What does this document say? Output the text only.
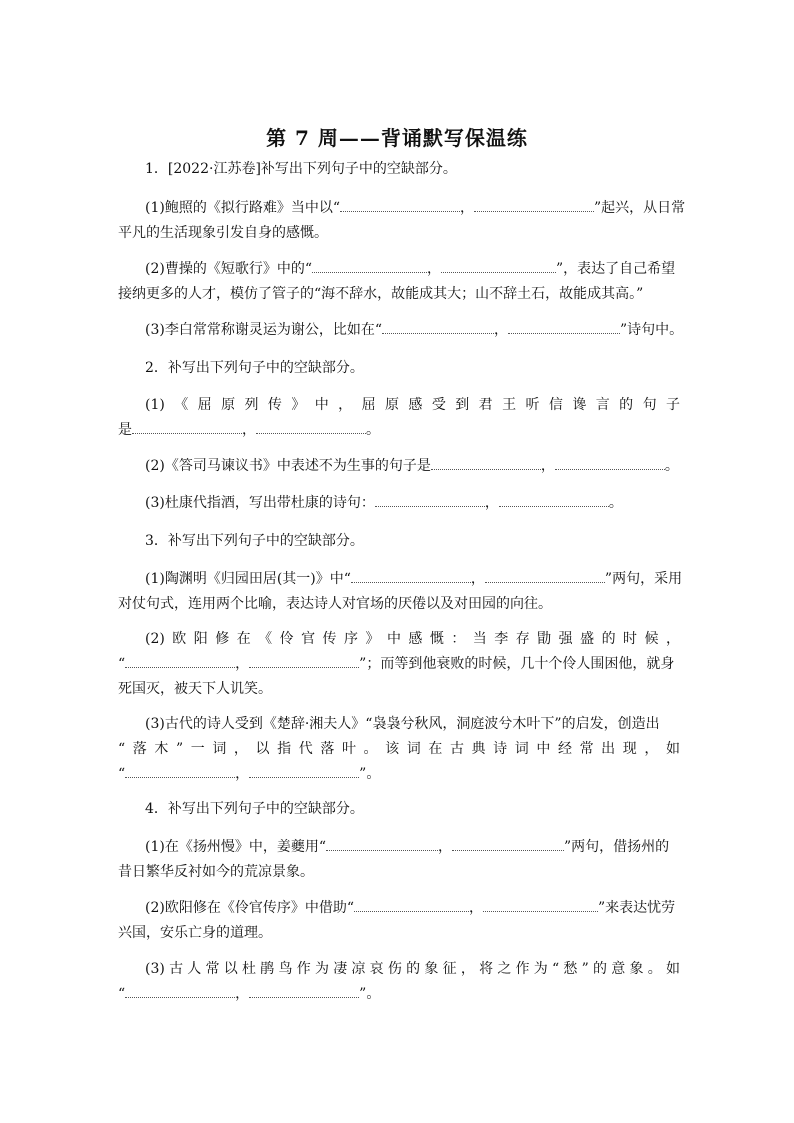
第 7 周——背诵默写保温练
1．[2022·江苏卷]补写出下列句子中的空缺部分。
(1)鲍照的《拟行路难》当中以“	，	”起兴，从日常
平凡的生活现象引发自身的感慨。
(2)曹操的《短歌行》中的“	，	”，表达了自己希望
接纳更多的人才，模仿了管子的“海不辞水，故能成其大；山不辞土石，故能成其高。”
(3)李白常常称谢灵运为谢公，比如在“	，	”诗句中。
2．补写出下列句子中的空缺部分。
(1)《屈原列传》中，屈原感受到君王听信谗言的句子
是	，	。
(2)《答司马谏议书》中表述不为生事的句子是	，	。
(3)杜康代指酒，写出带杜康的诗句：	，	。
3．补写出下列句子中的空缺部分。
(1)陶渊明《归园田居(其一)》中“	，	”两句，采用
对仗句式，连用两个比喻，表达诗人对官场的厌倦以及对田园的向往。
(2)欧阳修在《伶官传序》中感慨：当李存勖强盛的时候，
“	，	”；而等到他衰败的时候，几十个伶人围困他，就身
死国灭，被天下人讥笑。
(3)古代的诗人受到《楚辞·湘夫人》“袅袅兮秋风，洞庭波兮木叶下”的启发，创造出
“落木”一词，以指代落叶。该词在古典诗词中经常出现，如
“	，	”。
4．补写出下列句子中的空缺部分。
(1)在《扬州慢》中，姜夔用“	，	”两句，借扬州的
昔日繁华反衬如今的荒凉景象。
(2)欧阳修在《伶官传序》中借助“	，	”来表达忧劳
兴国，安乐亡身的道理。
(3)古人常以杜鹃鸟作为凄凉哀伤的象征，将之作为“愁”的意象。如
“	，	”。
